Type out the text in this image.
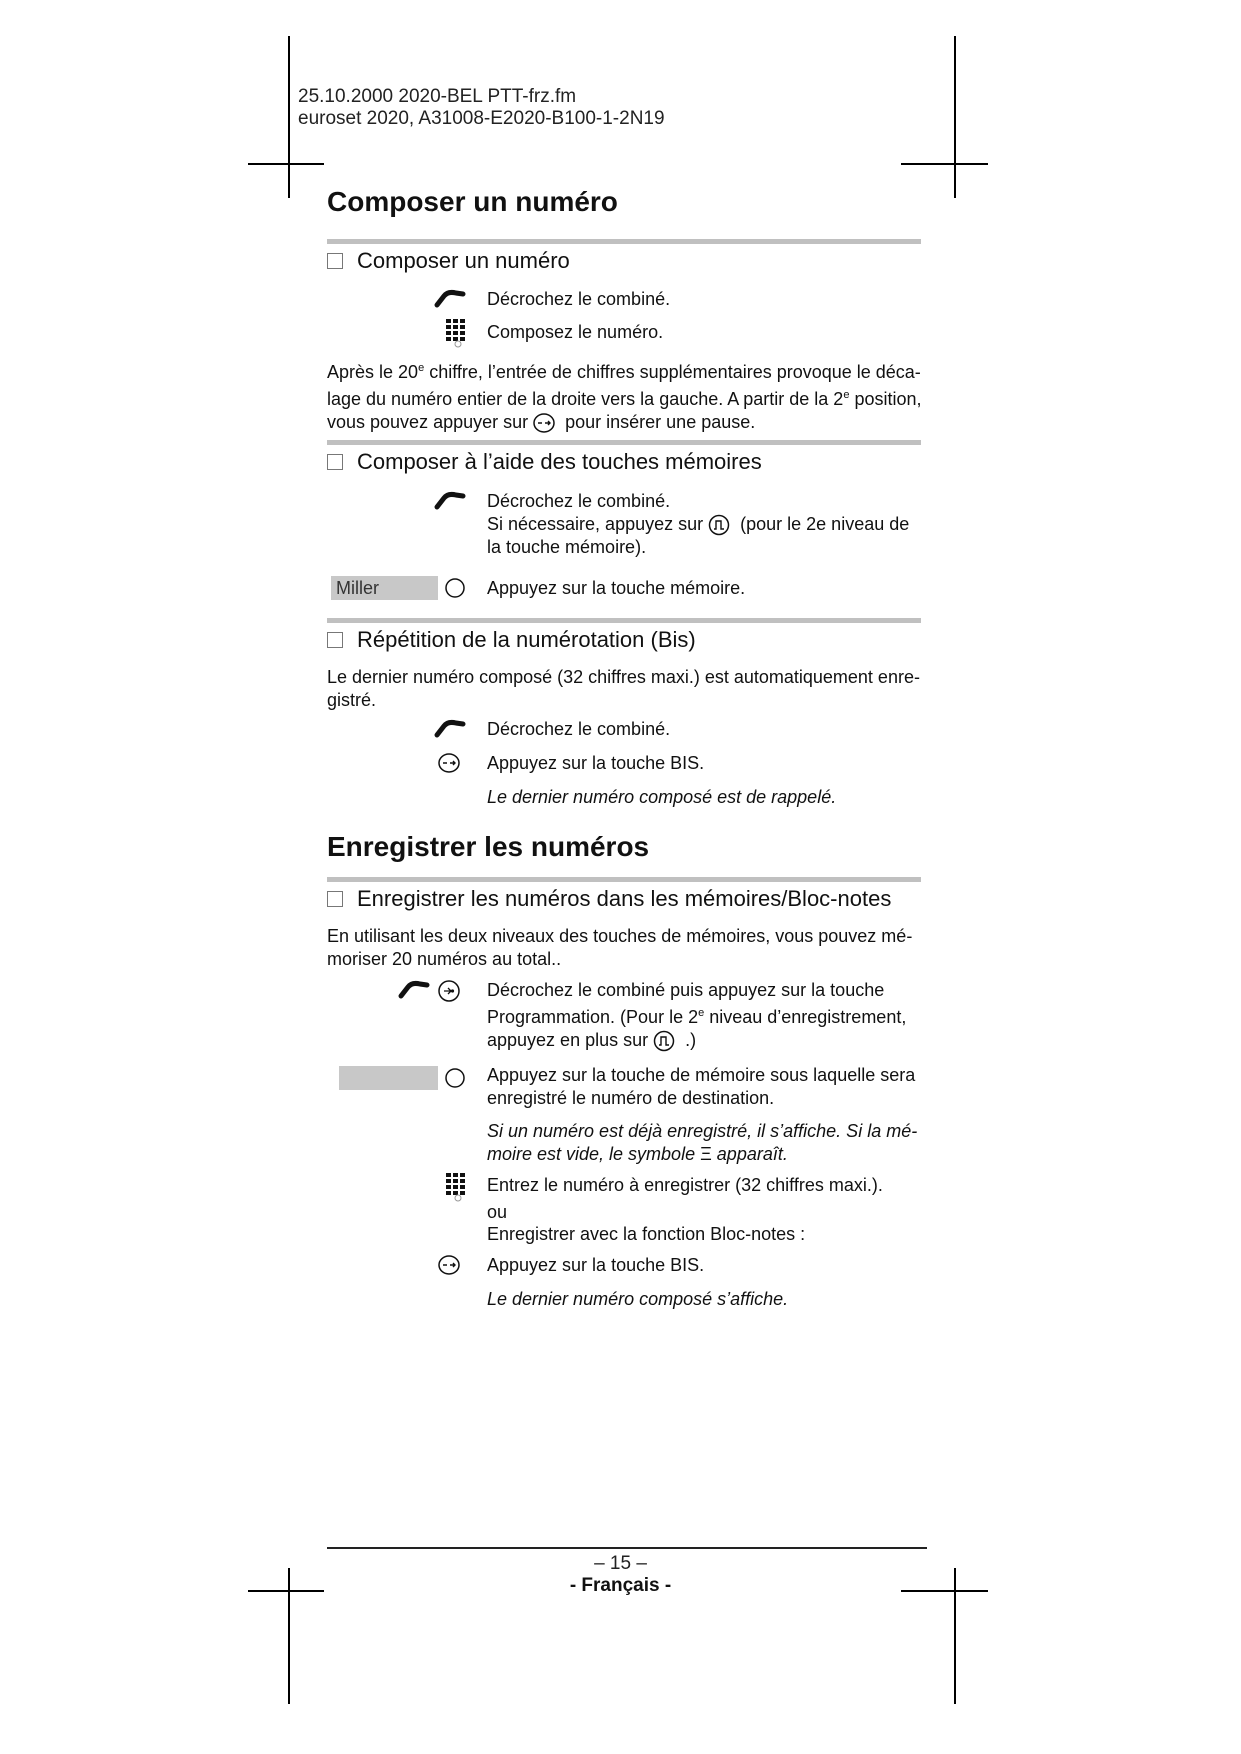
25.10.2000 2020-BEL PTT-frz.fm
euroset 2020, A31008-E2020-B100-1-2N19
Composer un numéro
Composer un numéro
Décrochez le combiné.
Composez le numéro.
Après le 20e chiffre, l’entrée de chiffres supplémentaires provoque le déca-lage du numéro entier de la droite vers la gauche. A partir de la 2e position, vous pouvez appuyer sur pour insérer une pause.
Composer à l’aide des touches mémoires
Décrochez le combiné.
Si nécessaire, appuyez sur (pour le 2e niveau de la touche mémoire).
Miller	Appuyez sur la touche mémoire.
Répétition de la numérotation (Bis)
Le dernier numéro composé (32 chiffres maxi.) est automatiquement enre-gistré.
Décrochez le combiné.
Appuyez sur la touche BIS.
Le dernier numéro composé est de rappelé.
Enregistrer les numéros
Enregistrer les numéros dans les mémoires/Bloc-notes
En utilisant les deux niveaux des touches de mémoires, vous pouvez mé-moriser 20 numéros au total..
Décrochez le combiné puis appuyez sur la touche Programmation. (Pour le 2e niveau d’enregistrement, appuyez en plus sur .)
Appuyez sur la touche de mémoire sous laquelle sera enregistré le numéro de destination.
Si un numéro est déjà enregistré, il s’affiche. Si la mé-moire est vide, le symbole Ξ apparaît.
Entrez le numéro à enregistrer (32 chiffres maxi.).
ou
Enregistrer avec la fonction Bloc-notes :
Appuyez sur la touche BIS.
Le dernier numéro composé s’affiche.
– 15 –
- Français -
